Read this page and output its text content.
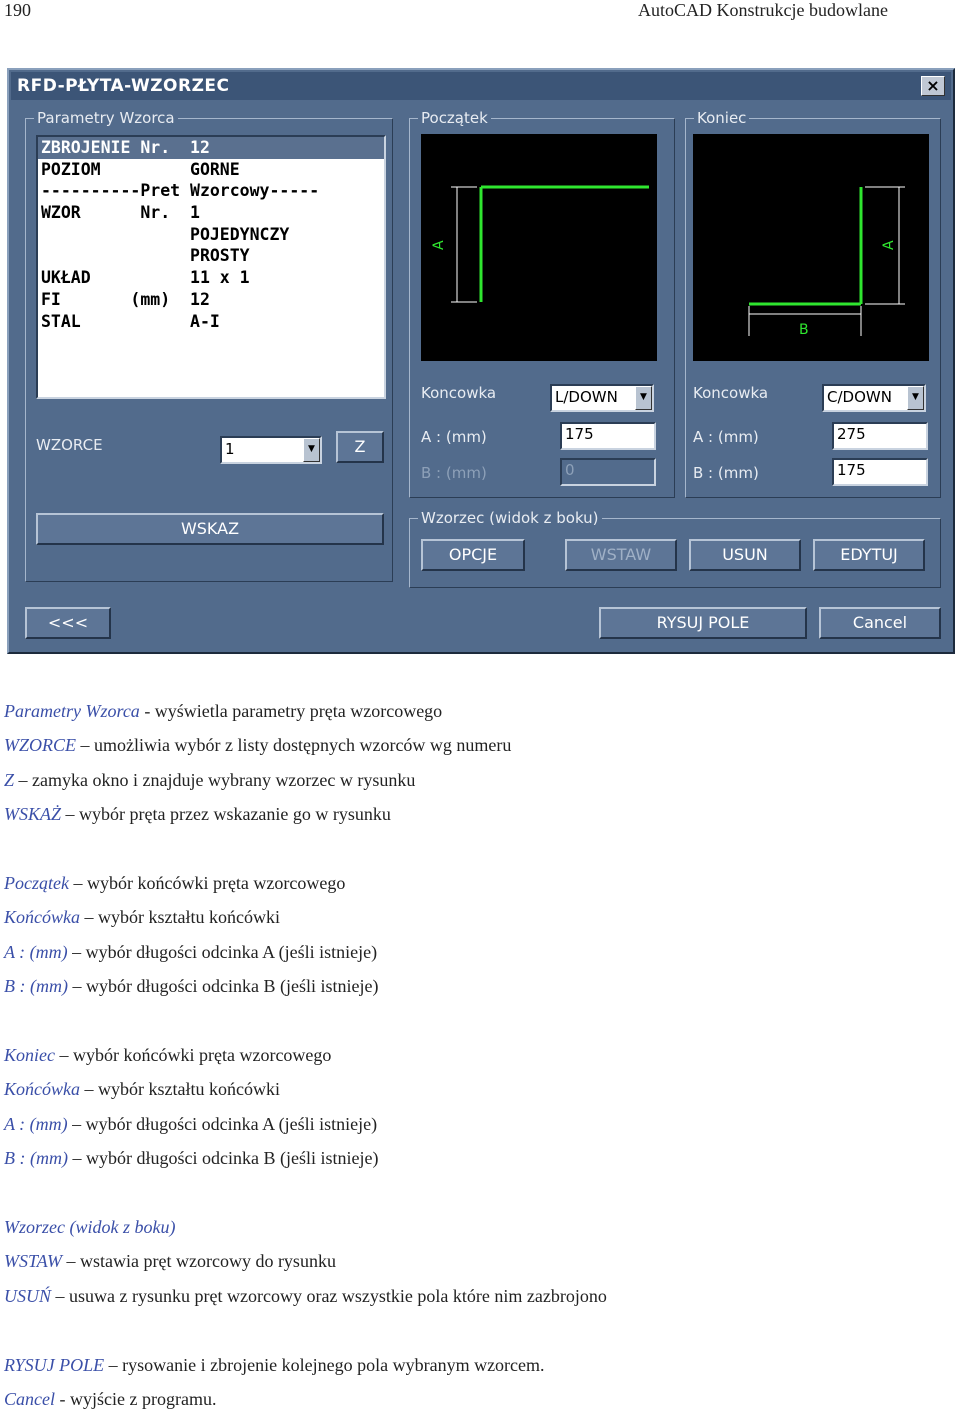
190	AutoCAD Konstrukcje budowlane
RFD-PŁYTA-WZORZEC	×
Parametry Wzorca
ZBROJENIE Nr.  12
POZIOM         GORNE
----------Pret Wzorcowy-----
WZOR      Nr.  1
POJEDYNCZY
PROSTY
UKŁAD          11 x 1
FI       (mm)  12
STAL           A-I
WZORCE	1	▼	Z
WSKAZ
Początek
A
Koncowka	L/DOWN	▼
A : (mm)	175
B : (mm)	0
Koniec
A
B
Koncowka	C/DOWN	▼
A : (mm)	275
B : (mm)	175
Wzorzec (widok z boku)
OPCJE	WSTAW	USUN	EDYTUJ
<<<	RYSUJ POLE	Cancel
Parametry Wzorca - wyświetla parametry pręta wzorcowego
WZORCE – umożliwia wybór z listy dostępnych wzorców wg numeru
Z – zamyka okno i znajduje wybrany wzorzec w rysunku
WSKAŻ – wybór pręta przez wskazanie go w rysunku
Początek – wybór końcówki pręta wzorcowego
Końcówka – wybór kształtu końcówki
A : (mm) – wybór długości odcinka A (jeśli istnieje)
B : (mm) – wybór długości odcinka B (jeśli istnieje)
Koniec – wybór końcówki pręta wzorcowego
Końcówka – wybór kształtu końcówki
A : (mm) – wybór długości odcinka A (jeśli istnieje)
B : (mm) – wybór długości odcinka B (jeśli istnieje)
Wzorzec (widok z boku)
WSTAW – wstawia pręt wzorcowy do rysunku
USUŃ – usuwa z rysunku pręt wzorcowy oraz wszystkie pola które nim zazbrojono
RYSUJ POLE – rysowanie i zbrojenie kolejnego pola wybranym wzorcem.
Cancel - wyjście z programu.
